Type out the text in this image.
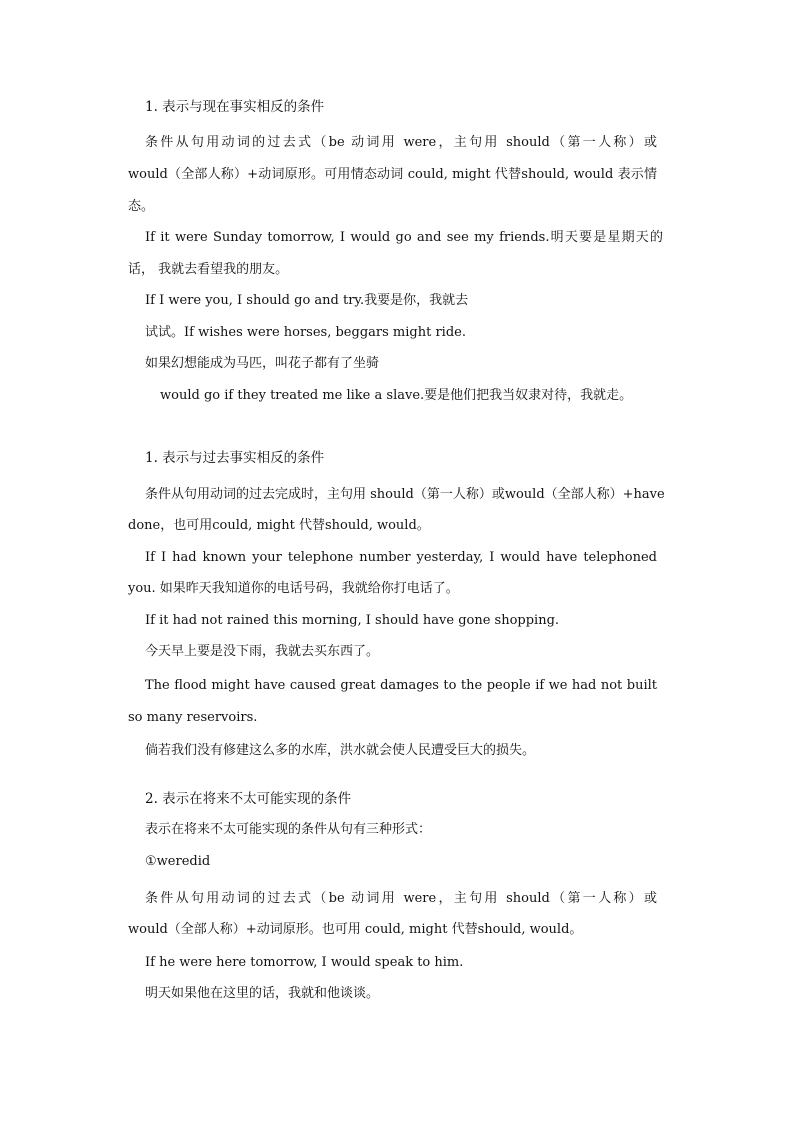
1. 表示与现在事实相反的条件
条件从句用动词的过去式（be 动词用 were，主句用 should（第一人称）或
would（全部人称）+动词原形。可用情态动词 could, might 代替should, would 表示情
态。
If it were Sunday tomorrow, I would go and see my friends.明天要是星期天的
话， 我就去看望我的朋友。
If I were you, I should go and try.我要是你，我就去
试试。If wishes were horses, beggars might ride.
如果幻想能成为马匹，叫花子都有了坐骑
would go if they treated me like a slave.要是他们把我当奴隶对待，我就走。
1. 表示与过去事实相反的条件
条件从句用动词的过去完成时，主句用 should（第一人称）或would（全部人称）+have
done，也可用could, might 代替should, would。
If I had known your telephone number yesterday, I would have telephoned
you. 如果昨天我知道你的电话号码，我就给你打电话了。
If it had not rained this morning, I should have gone shopping.
今天早上要是没下雨，我就去买东西了。
The flood might have caused great damages to the people if we had not built
so many reservoirs.
倘若我们没有修建这么多的水库，洪水就会使人民遭受巨大的损失。
2. 表示在将来不太可能实现的条件
表示在将来不太可能实现的条件从句有三种形式：
①weredid
条件从句用动词的过去式（be 动词用 were，主句用 should（第一人称）或
would（全部人称）+动词原形。也可用 could, might 代替should, would。
If he were here tomorrow, I would speak to him.
明天如果他在这里的话，我就和他谈谈。
